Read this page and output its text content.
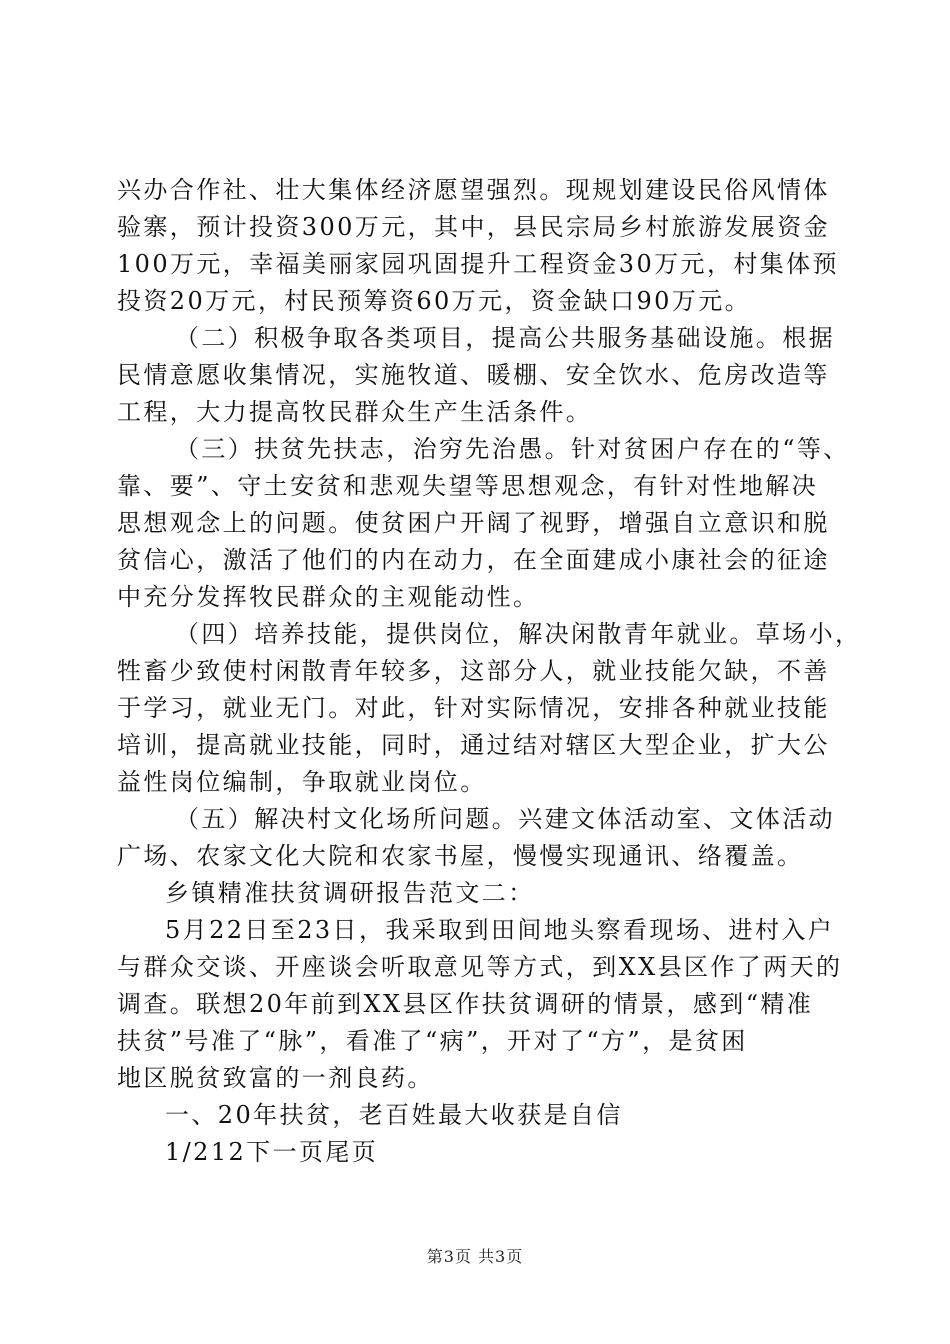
兴办合作社、壮大集体经济愿望强烈。现规划建设民俗风情体
验寨，预计投资300万元，其中，县民宗局乡村旅游发展资金
100万元，幸福美丽家园巩固提升工程资金30万元，村集体预
投资20万元，村民预筹资60万元，资金缺口90万元。
（二）积极争取各类项目，提高公共服务基础设施。根据
民情意愿收集情况，实施牧道、暖棚、安全饮水、危房改造等
工程，大力提高牧民群众生产生活条件。
（三）扶贫先扶志，治穷先治愚。针对贫困户存在的“等、
靠、要”、守土安贫和悲观失望等思想观念，有针对性地解决
思想观念上的问题。使贫困户开阔了视野，增强自立意识和脱
贫信心，激活了他们的内在动力，在全面建成小康社会的征途
中充分发挥牧民群众的主观能动性。
（四）培养技能，提供岗位，解决闲散青年就业。草场小，
牲畜少致使村闲散青年较多，这部分人，就业技能欠缺，不善
于学习，就业无门。对此，针对实际情况，安排各种就业技能
培训，提高就业技能，同时，通过结对辖区大型企业，扩大公
益性岗位编制，争取就业岗位。
（五）解决村文化场所问题。兴建文体活动室、文体活动
广场、农家文化大院和农家书屋，慢慢实现通讯、络覆盖。
乡镇精准扶贫调研报告范文二：
5月22日至23日，我采取到田间地头察看现场、进村入户
与群众交谈、开座谈会听取意见等方式，到XX县区作了两天的
调查。联想20年前到XX县区作扶贫调研的情景，感到“精准
扶贫”号准了“脉”，看准了“病”，开对了“方”，是贫困
地区脱贫致富的一剂良药。
一、20年扶贫，老百姓最大收获是自信
1/212下一页尾页
第3页 共3页
